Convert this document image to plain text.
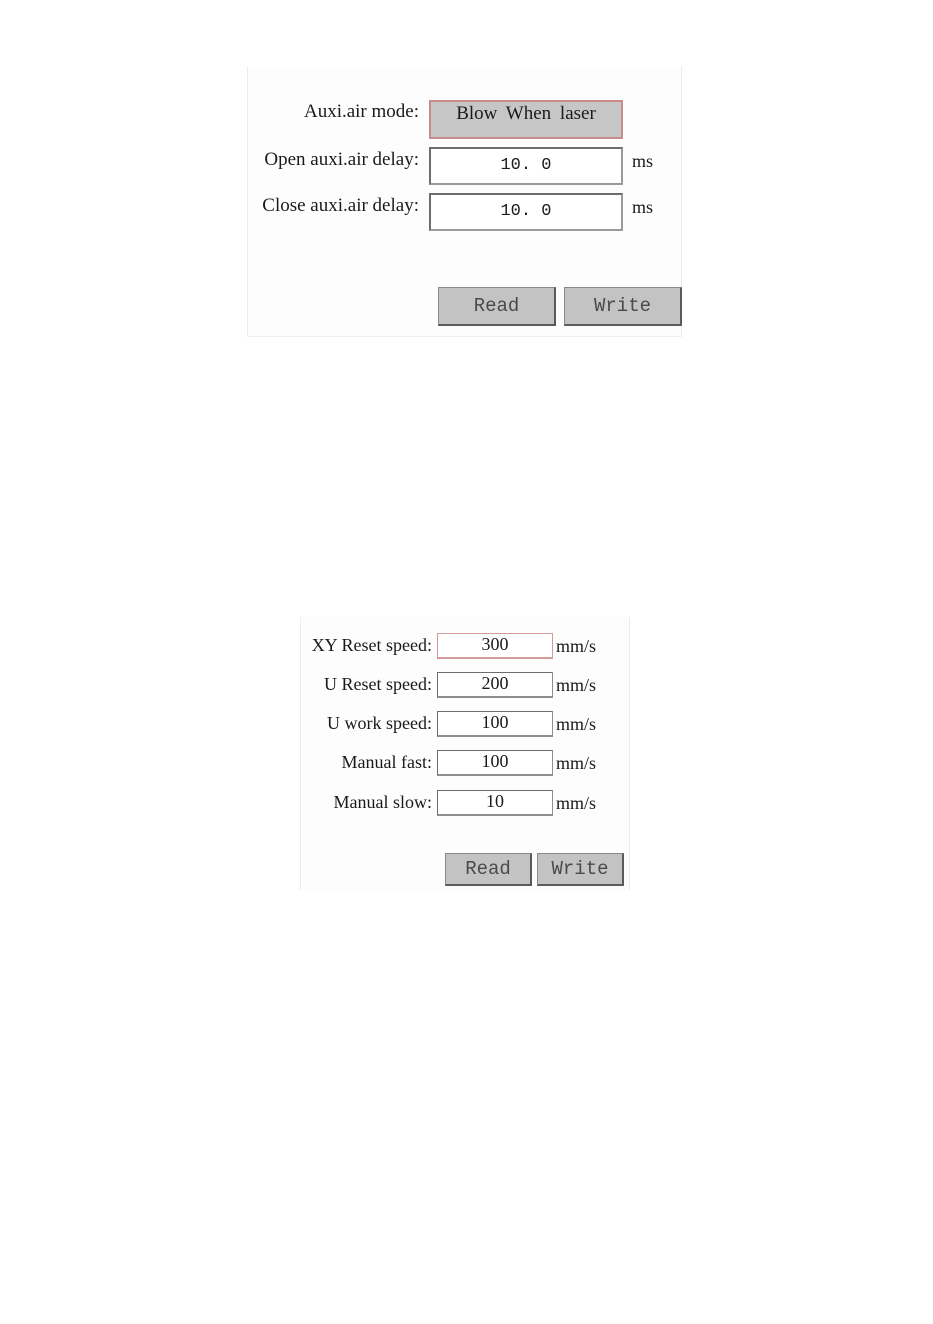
Auxi.air mode:	Blow When laser
Open auxi.air delay:	10. 0	ms
Close auxi.air delay:	10. 0	ms
Read	Write
XY Reset speed:	300	mm/s
U Reset speed:	200	mm/s
U work speed:	100	mm/s
Manual fast:	100	mm/s
Manual slow:	10	mm/s
Read	Write
